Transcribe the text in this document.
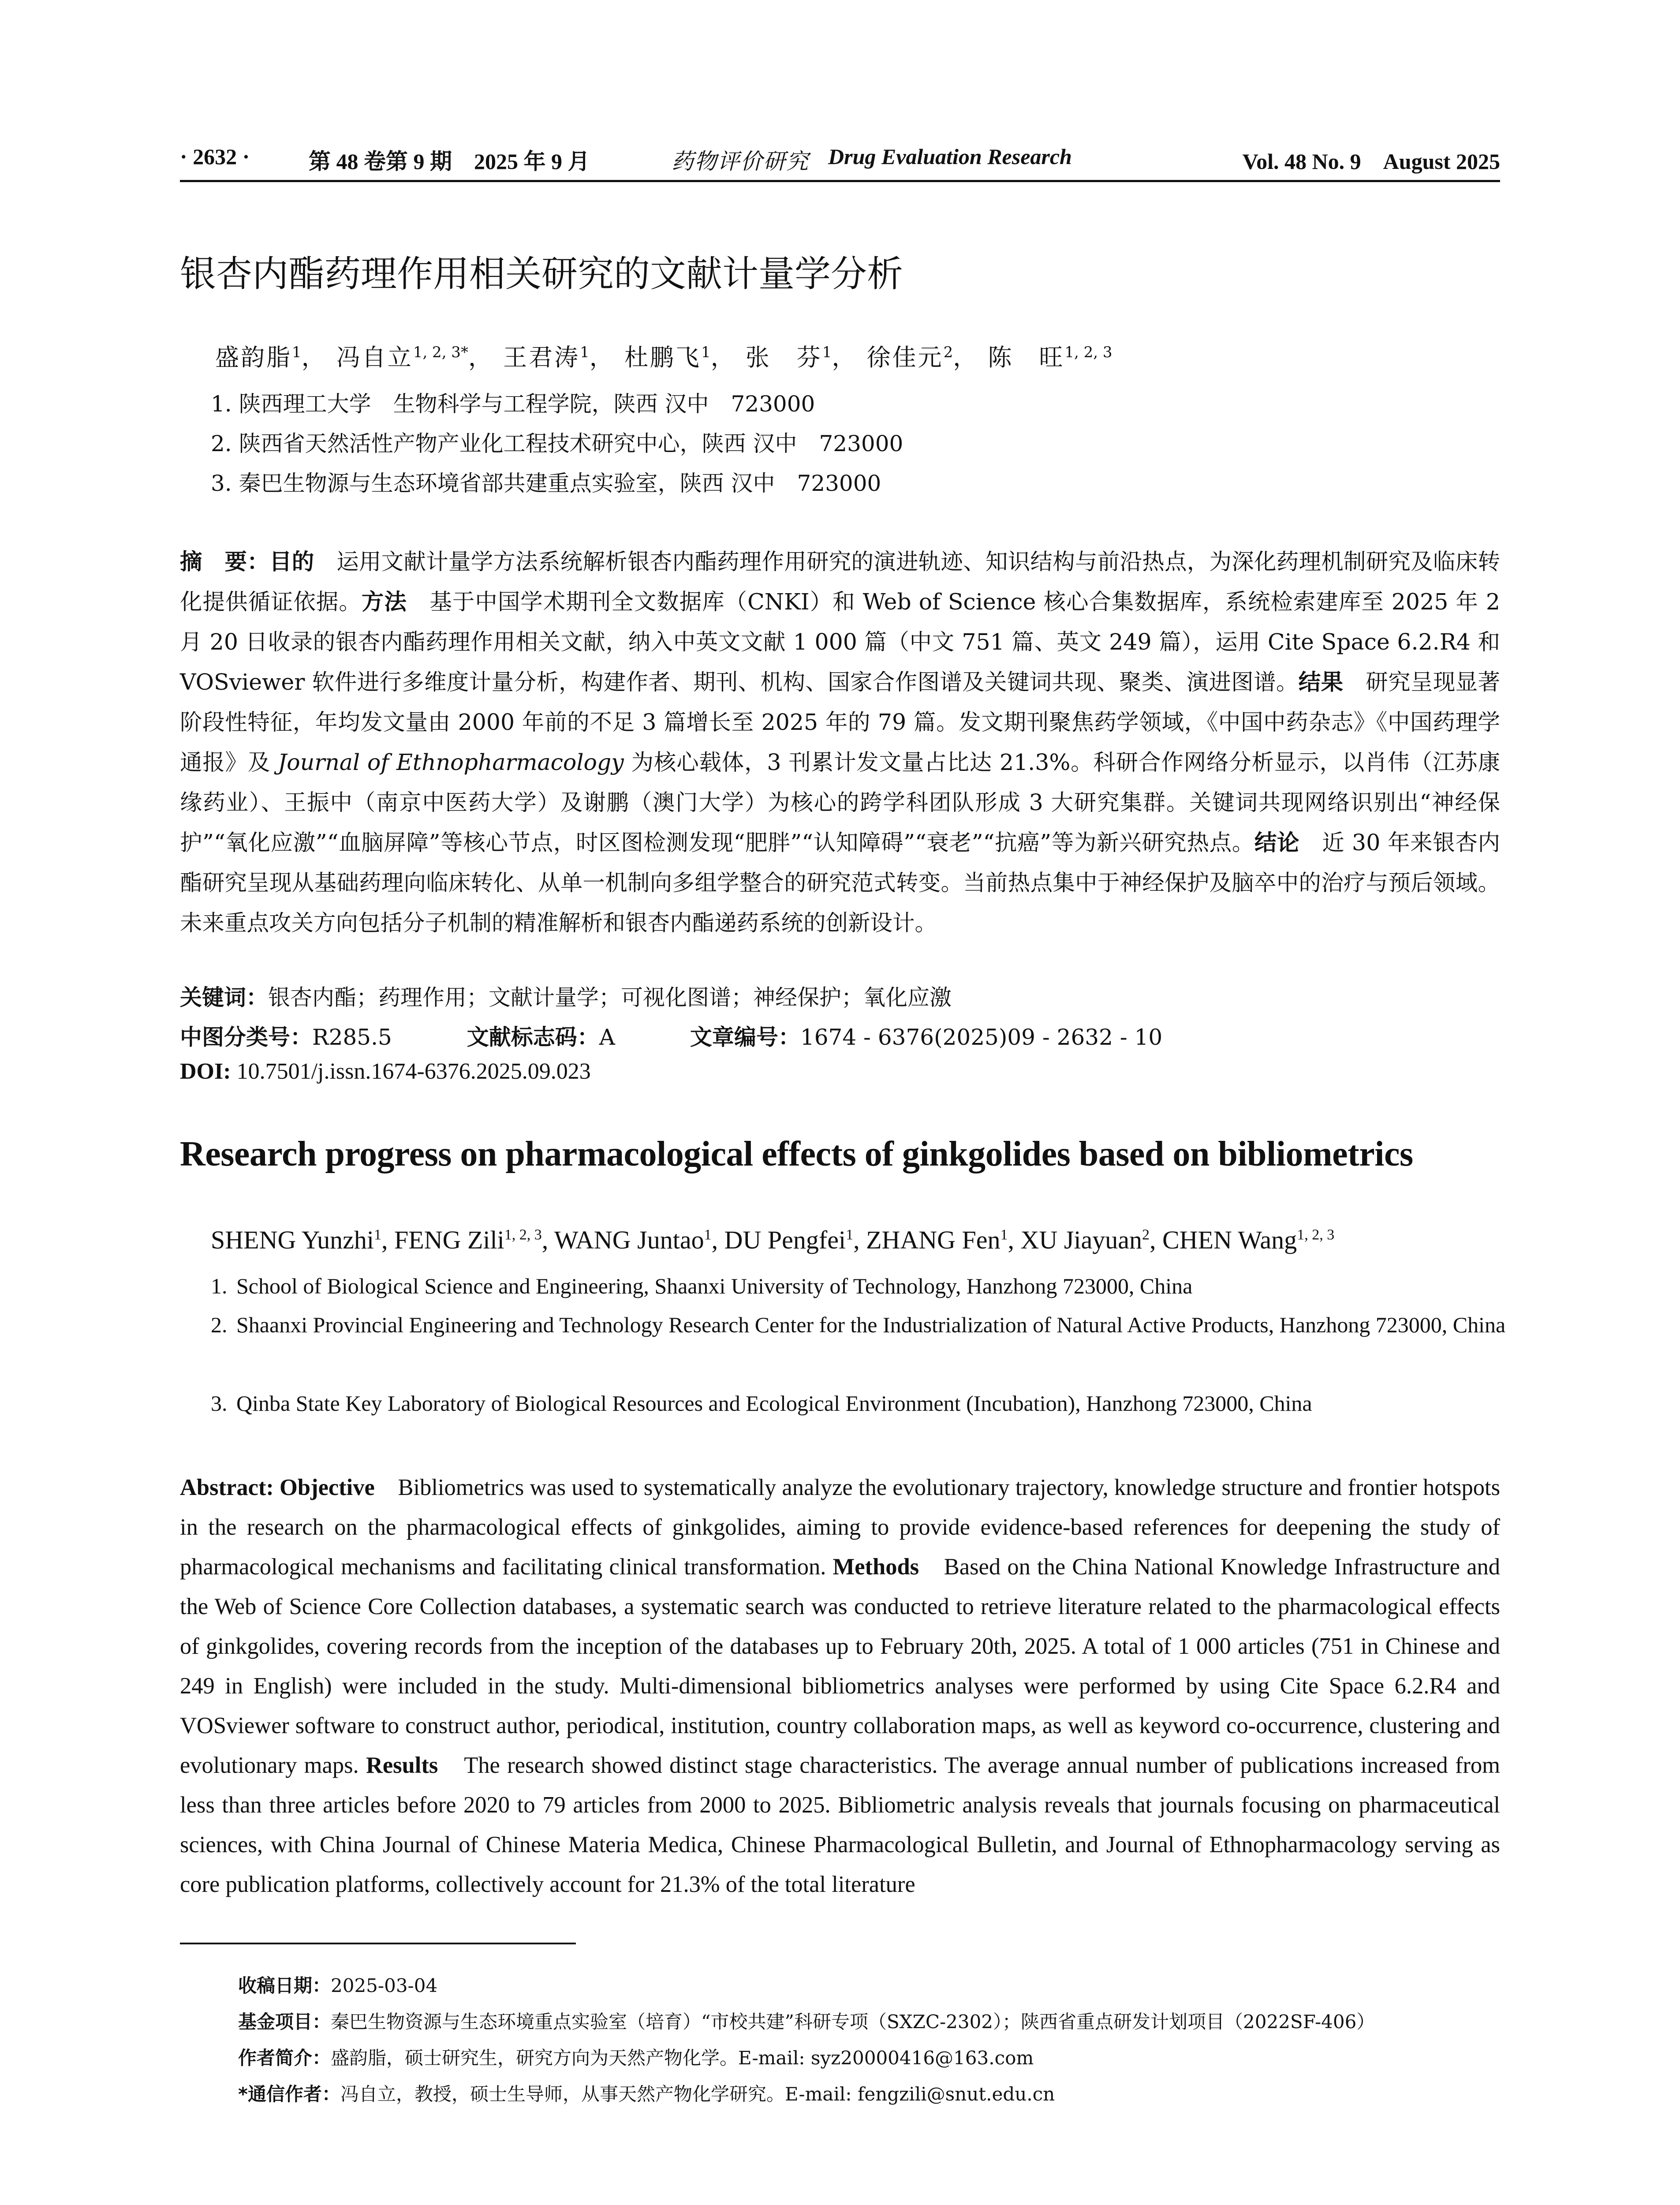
· 2632 ·	第 48 卷第 9 期　2025 年 9 月	药物评价研究 Drug Evaluation Research	Vol. 48 No. 9　August 2025
银杏内酯药理作用相关研究的文献计量学分析
盛韵脂$^1$， 冯自立$^{1, 2, 3*}$， 王君涛$^1$， 杜鹏飞$^1$， 张　芬$^1$， 徐佳元$^2$， 陈　旺$^{1, 2, 3}$
1. 陕西理工大学　生物科学与工程学院，陕西 汉中　723000
2. 陕西省天然活性产物产业化工程技术研究中心，陕西 汉中　723000
3. 秦巴生物源与生态环境省部共建重点实验室，陕西 汉中　723000
摘　要：目的　运用文献计量学方法系统解析银杏内酯药理作用研究的演进轨迹、知识结构与前沿热点，为深化药理机制研究及临床转化提供循证依据。方法　基于中国学术期刊全文数据库（CNKI）和 Web of Science 核心合集数据库，系统检索建库至 2025 年 2 月 20 日收录的银杏内酯药理作用相关文献，纳入中英文文献 1 000 篇（中文 751 篇、英文 249 篇），运用 Cite Space 6.2.R4 和 VOSviewer 软件进行多维度计量分析，构建作者、期刊、机构、国家合作图谱及关键词共现、聚类、演进图谱。结果　研究呈现显著阶段性特征，年均发文量由 2000 年前的不足 3 篇增长至 2025 年的 79 篇。发文期刊聚焦药学领域，《中国中药杂志》《中国药理学通报》及 Journal of Ethnopharmacology 为核心载体，3 刊累计发文量占比达 21.3%。科研合作网络分析显示，以肖伟（江苏康缘药业）、王振中（南京中医药大学）及谢鹏（澳门大学）为核心的跨学科团队形成 3 大研究集群。关键词共现网络识别出“神经保护”“氧化应激”“血脑屏障”等核心节点，时区图检测发现“肥胖”“认知障碍”“衰老”“抗癌”等为新兴研究热点。结论　近 30 年来银杏内酯研究呈现从基础药理向临床转化、从单一机制向多组学整合的研究范式转变。当前热点集中于神经保护及脑卒中的治疗与预后领域。未来重点攻关方向包括分子机制的精准解析和银杏内酯递药系统的创新设计。
关键词：银杏内酯；药理作用；文献计量学；可视化图谱；神经保护；氧化应激
中图分类号：R285.5	文献标志码：A	文章编号：1674 - 6376(2025)09 - 2632 - 10
DOI: 10.7501/j.issn.1674-6376.2025.09.023
Research progress on pharmacological effects of ginkgolides based on bibliometrics
SHENG Yunzhi$^1$, FENG Zili$^{1, 2, 3}$, WANG Juntao$^1$, DU Pengfei$^1$, ZHANG Fen$^1$, XU Jiayuan$^2$, CHEN Wang$^{1, 2, 3}$
1. School of Biological Science and Engineering, Shaanxi University of Technology, Hanzhong 723000, China
2. Shaanxi Provincial Engineering and Technology Research Center for the Industrialization of Natural Active Products, Hanzhong 723000, China
3. Qinba State Key Laboratory of Biological Resources and Ecological Environment (Incubation), Hanzhong 723000, China
Abstract: Objective　Bibliometrics was used to systematically analyze the evolutionary trajectory, knowledge structure and frontier hotspots in the research on the pharmacological effects of ginkgolides, aiming to provide evidence-based references for deepening the study of pharmacological mechanisms and facilitating clinical transformation. Methods　Based on the China National Knowledge Infrastructure and the Web of Science Core Collection databases, a systematic search was conducted to retrieve literature related to the pharmacological effects of ginkgolides, covering records from the inception of the databases up to February 20th, 2025. A total of 1 000 articles (751 in Chinese and 249 in English) were included in the study. Multi-dimensional bibliometrics analyses were performed by using Cite Space 6.2.R4 and VOSviewer software to construct author, periodical, institution, country collaboration maps, as well as keyword co-occurrence, clustering and evolutionary maps. Results　The research showed distinct stage characteristics. The average annual number of publications increased from less than three articles before 2020 to 79 articles from 2000 to 2025. Bibliometric analysis reveals that journals focusing on pharmaceutical sciences, with China Journal of Chinese Materia Medica, Chinese Pharmacological Bulletin, and Journal of Ethnopharmacology serving as core publication platforms, collectively account for 21.3% of the total literature
收稿日期：2025-03-04
基金项目：秦巴生物资源与生态环境重点实验室（培育）“市校共建”科研专项（SXZC-2302）；陕西省重点研发计划项目（2022SF-406）
作者简介：盛韵脂，硕士研究生，研究方向为天然产物化学。E-mail: syz20000416@163.com
*通信作者：冯自立，教授，硕士生导师，从事天然产物化学研究。E-mail: fengzili@snut.edu.cn
